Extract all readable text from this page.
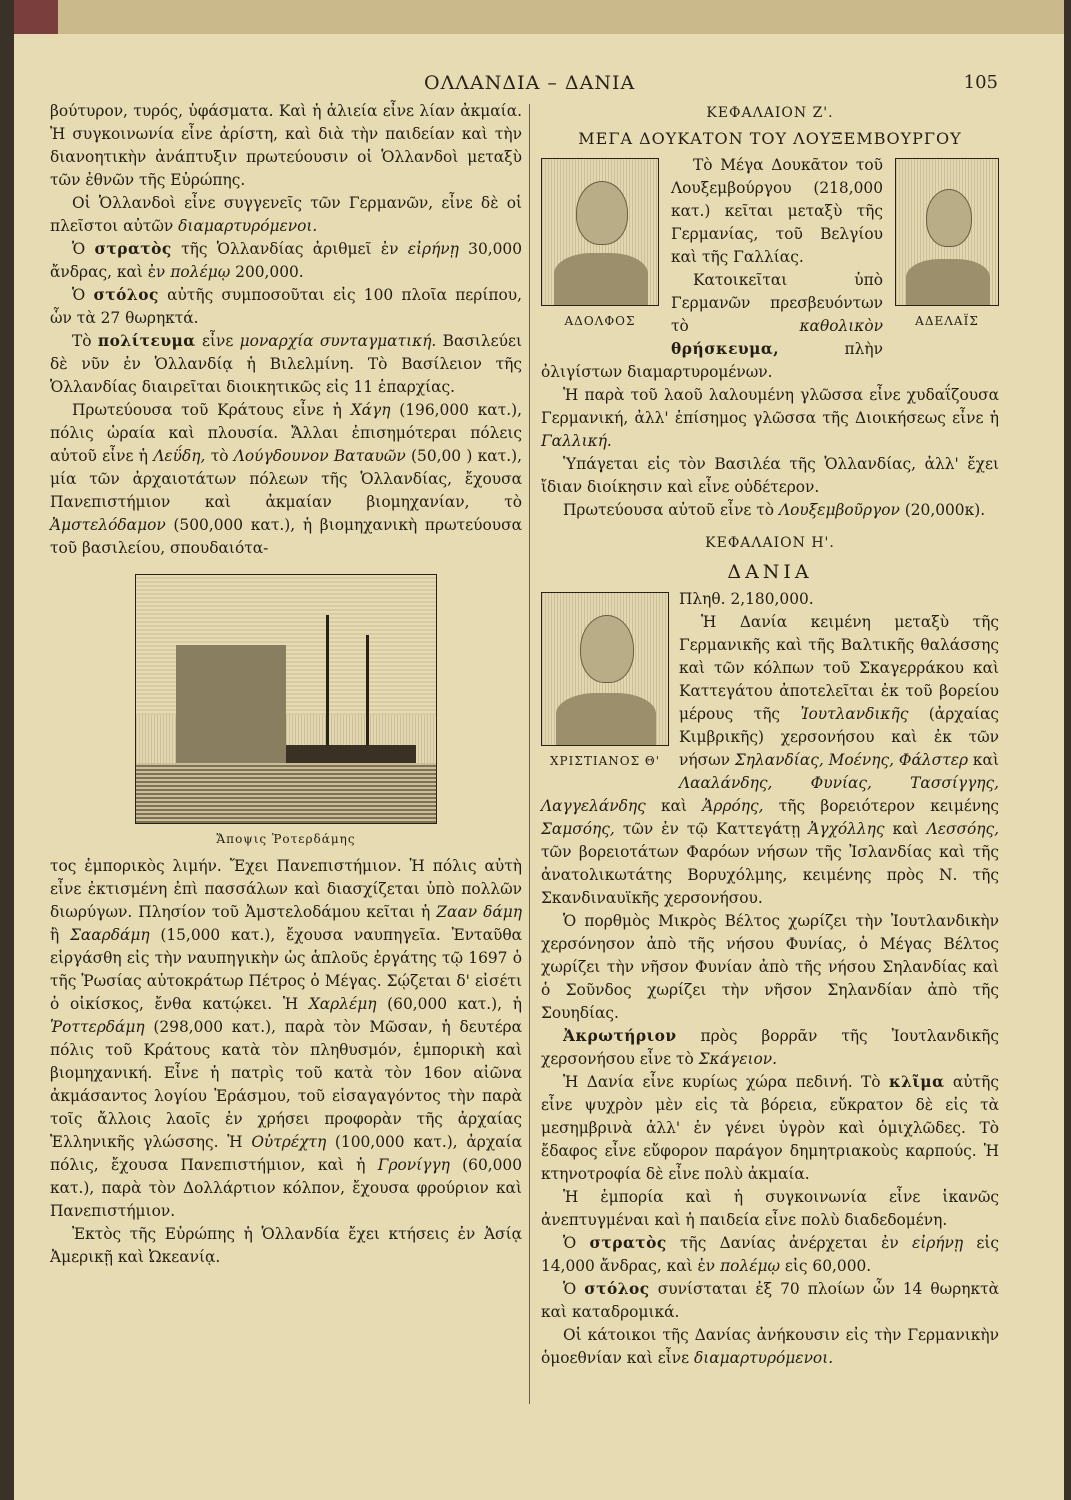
ΟΛΛΑΝΔΙΑ – ΔΑΝΙΑ	105

βούτυρον, τυρός, ὑφάσματα. Καὶ ἡ ἁλιεία εἶνε λίαν ἀκμαία. Ἡ συγκοινωνία εἶνε ἀρίστη, καὶ διὰ τὴν παιδείαν καὶ τὴν διανοητικὴν ἀνάπτυξιν πρωτεύουσιν οἱ Ὁλλανδοὶ μεταξὺ τῶν ἐθνῶν τῆς Εὐρώπης.

Οἱ Ὁλλανδοὶ εἶνε συγγενεῖς τῶν Γερμανῶν, εἶνε δὲ οἱ πλεῖστοι αὐτῶν διαμαρτυρόμενοι.

Ὁ στρατὸς τῆς Ὁλλανδίας ἀριθμεῖ ἐν εἰρήνῃ 30,000 ἄνδρας, καὶ ἐν πολέμῳ 200,000.

Ὁ στόλος αὐτῆς συμποσοῦται εἰς 100 πλοῖα περίπου, ὧν τὰ 27 θωρηκτά.

Τὸ πολίτευμα εἶνε μοναρχία συνταγματική. Βασιλεύει δὲ νῦν ἐν Ὁλλανδίᾳ ἡ Βιλελμίνη. Τὸ Βασίλειον τῆς Ὁλλανδίας διαιρεῖται διοικητικῶς εἰς 11 ἐπαρχίας.

Πρωτεύουσα τοῦ Κράτους εἶνε ἡ Χάγη (196,000 κατ.), πόλις ὡραία καὶ πλουσία. Ἄλλαι ἐπισημότεραι πόλεις αὐτοῦ εἶνε ἡ Λεΰδη, τὸ Λούγδουνον Βαταυῶν (50,00 ) κατ.), μία τῶν ἀρχαιοτάτων πόλεων τῆς Ὁλλανδίας, ἔχουσα Πανεπιστήμιον καὶ ἀκμαίαν βιομηχανίαν, τὸ Ἀμστελόδαμον (500,000 κατ.), ἡ βιομηχανικὴ πρωτεύουσα τοῦ βασιλείου, σπουδαιότα-

Ἄποψις Ῥοτερδάμης

τος ἐμπορικὸς λιμήν. Ἔχει Πανεπιστήμιον. Ἡ πόλις αὐτὴ εἶνε ἐκτισμένη ἐπὶ πασσάλων καὶ διασχίζεται ὑπὸ πολλῶν διωρύγων. Πλησίον τοῦ Ἀμστελοδάμου κεῖται ἡ Ζααν δάμη ἢ Σααρδάμη (15,000 κατ.), ἔχουσα ναυπηγεῖα. Ἐνταῦθα εἰργάσθη εἰς τὴν ναυπηγικὴν ὡς ἁπλοῦς ἐργάτης τῷ 1697 ὁ τῆς Ῥωσίας αὐτοκράτωρ Πέτρος ὁ Μέγας. Σῴζεται δ' εἰσέτι ὁ οἰκίσκος, ἔνθα κατῴκει. Ἡ Χαρλέμη (60,000 κατ.), ἡ Ῥοττερδάμη (298,000 κατ.), παρὰ τὸν Μῶσαν, ἡ δευτέρα πόλις τοῦ Κράτους κατὰ τὸν πληθυσμόν, ἐμπορικὴ καὶ βιομηχανική. Εἶνε ἡ πατρὶς τοῦ κατὰ τὸν 16ον αἰῶνα ἀκμάσαντος λογίου Ἐράσμου, τοῦ εἰσαγαγόντος τὴν παρὰ τοῖς ἄλλοις λαοῖς ἐν χρήσει προφορὰν τῆς ἀρχαίας Ἑλληνικῆς γλώσσης. Ἡ Οὐτρέχτη (100,000 κατ.), ἀρχαία πόλις, ἔχουσα Πανεπιστήμιον, καὶ ἡ Γρονίγγη (60,000 κατ.), παρὰ τὸν Δολλάρτιον κόλπον, ἔχουσα φρούριον καὶ Πανεπιστήμιον.

Ἐκτὸς τῆς Εὐρώπης ἡ Ὁλλανδία ἔχει κτήσεις ἐν Ἀσίᾳ Ἀμερικῇ καὶ Ὠκεανίᾳ.

ΚΕΦΑΛΑΙΟΝ Ζ'.

ΜΕΓΑ ΔΟΥΚΑΤΟΝ ΤΟΥ ΛΟΥΞΕΜΒΟΥΡΓΟΥ

ΑΔΟΛΦΟΣ	ΑΔΕΛΑΪΣ

Τὸ Μέγα Δουκᾶτον τοῦ Λουξεμβούργου (218,000 κατ.) κεῖται μεταξὺ τῆς Γερμανίας, τοῦ Βελγίου καὶ τῆς Γαλλίας.

Κατοικεῖται ὑπὸ Γερμανῶν πρεσβευόντων τὸ καθολικὸν θρήσκευμα, πλὴν ὀλιγίστων διαμαρτυρομένων.

Ἡ παρὰ τοῦ λαοῦ λαλουμένη γλῶσσα εἶνε χυδαΐζουσα Γερμανική, ἀλλ' ἐπίσημος γλῶσσα τῆς Διοικήσεως εἶνε ἡ Γαλλική.

Ὑπάγεται εἰς τὸν Βασιλέα τῆς Ὁλλανδίας, ἀλλ' ἔχει ἴδιαν διοίκησιν καὶ εἶνε οὐδέτερον.

Πρωτεύουσα αὐτοῦ εἶνε τὸ Λουξεμβοῦργον (20,000κ).

ΚΕΦΑΛΑΙΟΝ Η'.

ΔΑΝΙΑ

ΧΡΙΣΤΙΑΝΟΣ Θ'

Πληθ. 2,180,000.

Ἡ Δανία κειμένη μεταξὺ τῆς Γερμανικῆς καὶ τῆς Βαλτικῆς θαλάσσης καὶ τῶν κόλπων τοῦ Σκαγερράκου καὶ Καττεγάτου ἀποτελεῖται ἐκ τοῦ βορείου μέρους τῆς Ἰουτλανδικῆς (ἀρχαίας Κιμβρικῆς) χερσονήσου καὶ ἐκ τῶν νήσων Σηλανδίας, Μοένης, Φάλστερ καὶ Λααλάνδης, Φυνίας, Τασσίγγης, Λαγγελάνδης καὶ Ἀρρόης, τῆς βορειότερον κειμένης Σαμσόης, τῶν ἐν τῷ Καττεγάτῃ Ἀγχόλλης καὶ Λεσσόης, τῶν βορειοτάτων Φαρόων νήσων τῆς Ἰσλανδίας καὶ τῆς ἀνατολικωτάτης Βορυχόλμης, κειμένης πρὸς Ν. τῆς Σκανδιναυϊκῆς χερσονήσου.

Ὁ πορθμὸς Μικρὸς Βέλτος χωρίζει τὴν Ἰουτλανδικὴν χερσόνησον ἀπὸ τῆς νήσου Φυνίας, ὁ Μέγας Βέλτος χωρίζει τὴν νῆσον Φυνίαν ἀπὸ τῆς νήσου Σηλανδίας καὶ ὁ Σοῦνδος χωρίζει τὴν νῆσον Σηλανδίαν ἀπὸ τῆς Σουηδίας.

Ἀκρωτήριον πρὸς βορρᾶν τῆς Ἰουτλανδικῆς χερσονήσου εἶνε τὸ Σκάγειον.

Ἡ Δανία εἶνε κυρίως χώρα πεδινή. Τὸ κλῖμα αὐτῆς εἶνε ψυχρὸν μὲν εἰς τὰ βόρεια, εὔκρατον δὲ εἰς τὰ μεσημβρινὰ ἀλλ' ἐν γένει ὑγρὸν καὶ ὁμιχλῶδες. Τὸ ἔδαφος εἶνε εὔφορον παράγον δημητριακοὺς καρπούς. Ἡ κτηνοτροφία δὲ εἶνε πολὺ ἀκμαία.

Ἡ ἐμπορία καὶ ἡ συγκοινωνία εἶνε ἱκανῶς ἀνεπτυγμέναι καὶ ἡ παιδεία εἶνε πολὺ διαδεδομένη.

Ὁ στρατὸς τῆς Δανίας ἀνέρχεται ἐν εἰρήνῃ εἰς 14,000 ἄνδρας, καὶ ἐν πολέμῳ εἰς 60,000.

Ὁ στόλος συνίσταται ἐξ 70 πλοίων ὧν 14 θωρηκτὰ καὶ καταδρομικά.

Οἱ κάτοικοι τῆς Δανίας ἀνήκουσιν εἰς τὴν Γερμανικὴν ὁμοεθνίαν καὶ εἶνε διαμαρτυρόμενοι.
